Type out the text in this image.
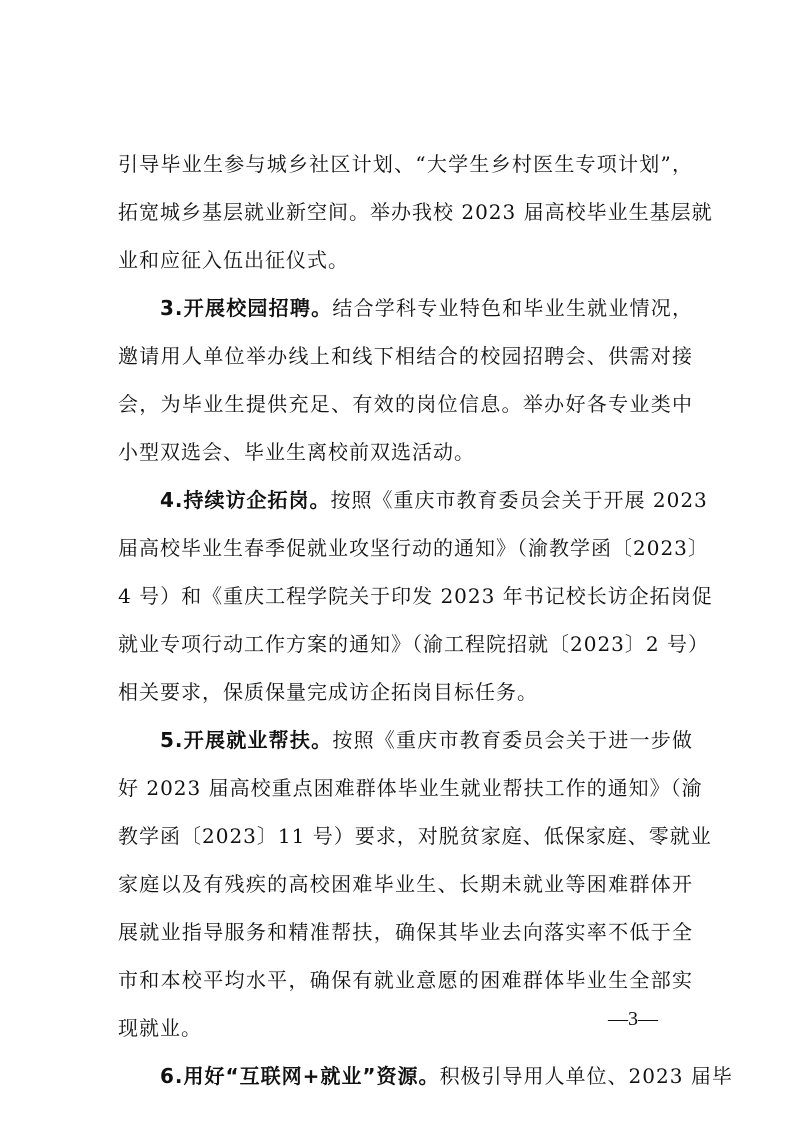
引导毕业生参与城乡社区计划、“大学生乡村医生专项计划”，

拓宽城乡基层就业新空间。举办我校 2023 届高校毕业生基层就

业和应征入伍出征仪式。

3.开展校园招聘。结合学科专业特色和毕业生就业情况，

邀请用人单位举办线上和线下相结合的校园招聘会、供需对接

会，为毕业生提供充足、有效的岗位信息。举办好各专业类中

小型双选会、毕业生离校前双选活动。

4.持续访企拓岗。按照《重庆市教育委员会关于开展 2023

届高校毕业生春季促就业攻坚行动的通知》（渝教学函〔2023〕

4 号）和《重庆工程学院关于印发 2023 年书记校长访企拓岗促

就业专项行动工作方案的通知》（渝工程院招就〔2023〕2 号）

相关要求，保质保量完成访企拓岗目标任务。

5.开展就业帮扶。按照《重庆市教育委员会关于进一步做

好 2023 届高校重点困难群体毕业生就业帮扶工作的通知》（渝

教学函〔2023〕11 号）要求，对脱贫家庭、低保家庭、零就业

家庭以及有残疾的高校困难毕业生、长期未就业等困难群体开

展就业指导服务和精准帮扶，确保其毕业去向落实率不低于全

市和本校平均水平，确保有就业意愿的困难群体毕业生全部实

现就业。

6.用好“互联网+就业”资源。积极引导用人单位、2023 届毕

—3—
